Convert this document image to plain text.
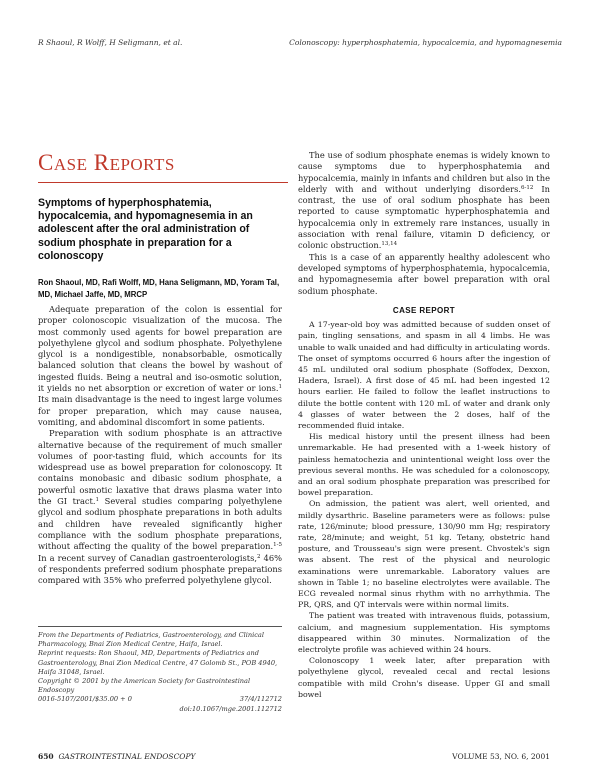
R Shaoul, R Wolff, H Seligmann, et al.	Colonoscopy: hyperphosphatemia, hypocalcemia, and hypomagnesemia
CASE REPORTS
Symptoms of hyperphosphatemia, hypocalcemia, and hypomagnesemia in an adolescent after the oral administration of sodium phosphate in preparation for a colonoscopy
Ron Shaoul, MD, Rafi Wolff, MD, Hana Seligmann, MD, Yoram Tal, MD, Michael Jaffe, MD, MRCP

Adequate preparation of the colon is essential for proper colonoscopic visualization of the mucosa. The most commonly used agents for bowel preparation are polyethylene glycol and sodium phosphate. Polyethylene glycol is a nondigestible, nonabsorbable, osmotically balanced solution that cleans the bowel by washout of ingested fluids. Being a neutral and iso-osmotic solution, it yields no net absorption or excretion of water or ions.$^1$ Its main disadvantage is the need to ingest large volumes for proper preparation, which may cause nausea, vomiting, and abdominal discomfort in some patients.

Preparation with sodium phosphate is an attractive alternative because of the requirement of much smaller volumes of poor-tasting fluid, which accounts for its widespread use as bowel preparation for colonoscopy. It contains monobasic and dibasic sodium phosphate, a powerful osmotic laxative that draws plasma water into the GI tract.$^1$ Several studies comparing polyethylene glycol and sodium phosphate preparations in both adults and children have revealed significantly higher compliance with the sodium phosphate preparations, without affecting the quality of the bowel preparation.$^{1-5}$ In a recent survey of Canadian gastroenterologists,$^2$ 46% of respondents preferred sodium phosphate preparations compared with 35% who preferred polyethylene glycol.

From the Departments of Pediatrics, Gastroenterology, and Clinical Pharmacology, Bnai Zion Medical Centre, Haifa, Israel.

Reprint requests: Ron Shaoul, MD, Departments of Pediatrics and Gastroenterology, Bnai Zion Medical Centre, 47 Golomb St., POB 4940, Haifa 31048, Israel.

Copyright © 2001 by the American Society for Gastrointestinal Endoscopy

0016-5107/2001/$35.00 + 0	37/4/112712
doi:10.1067/mge.2001.112712

The use of sodium phosphate enemas is widely known to cause symptoms due to hyperphosphatemia and hypocalcemia, mainly in infants and children but also in the elderly with and without underlying disorders.$^{6-12}$ In contrast, the use of oral sodium phosphate has been reported to cause symptomatic hyperphosphatemia and hypocalcemia only in extremely rare instances, usually in association with renal failure, vitamin D deficiency, or colonic obstruction.$^{13,14}$

This is a case of an apparently healthy adolescent who developed symptoms of hyperphosphatemia, hypocalcemia, and hypomagnesemia after bowel preparation with oral sodium phosphate.

CASE REPORT

A 17-year-old boy was admitted because of sudden onset of pain, tingling sensations, and spasm in all 4 limbs. He was unable to walk unaided and had difficulty in articulating words. The onset of symptoms occurred 6 hours after the ingestion of 45 mL undiluted oral sodium phosphate (Soffodex, Dexxon, Hadera, Israel). A first dose of 45 mL had been ingested 12 hours earlier. He failed to follow the leaflet instructions to dilute the bottle content with 120 mL of water and drank only 4 glasses of water between the 2 doses, half of the recommended fluid intake.

His medical history until the present illness had been unremarkable. He had presented with a 1-week history of painless hematochezia and unintentional weight loss over the previous several months. He was scheduled for a colonoscopy, and an oral sodium phosphate preparation was prescribed for bowel preparation.

On admission, the patient was alert, well oriented, and mildly dysarthric. Baseline parameters were as follows: pulse rate, 126/minute; blood pressure, 130/90 mm Hg; respiratory rate, 28/minute; and weight, 51 kg. Tetany, obstetric hand posture, and Trousseau's sign were present. Chvostek's sign was absent. The rest of the physical and neurologic examinations were unremarkable. Laboratory values are shown in Table 1; no baseline electrolytes were available. The ECG revealed normal sinus rhythm with no arrhythmia. The PR, QRS, and QT intervals were within normal limits.

The patient was treated with intravenous fluids, potassium, calcium, and magnesium supplementation. His symptoms disappeared within 30 minutes. Normalization of the electrolyte profile was achieved within 24 hours.

Colonoscopy 1 week later, after preparation with polyethylene glycol, revealed cecal and rectal lesions compatible with mild Crohn's disease. Upper GI and small bowel

650 GASTROINTESTINAL ENDOSCOPY	VOLUME 53, NO. 6, 2001
